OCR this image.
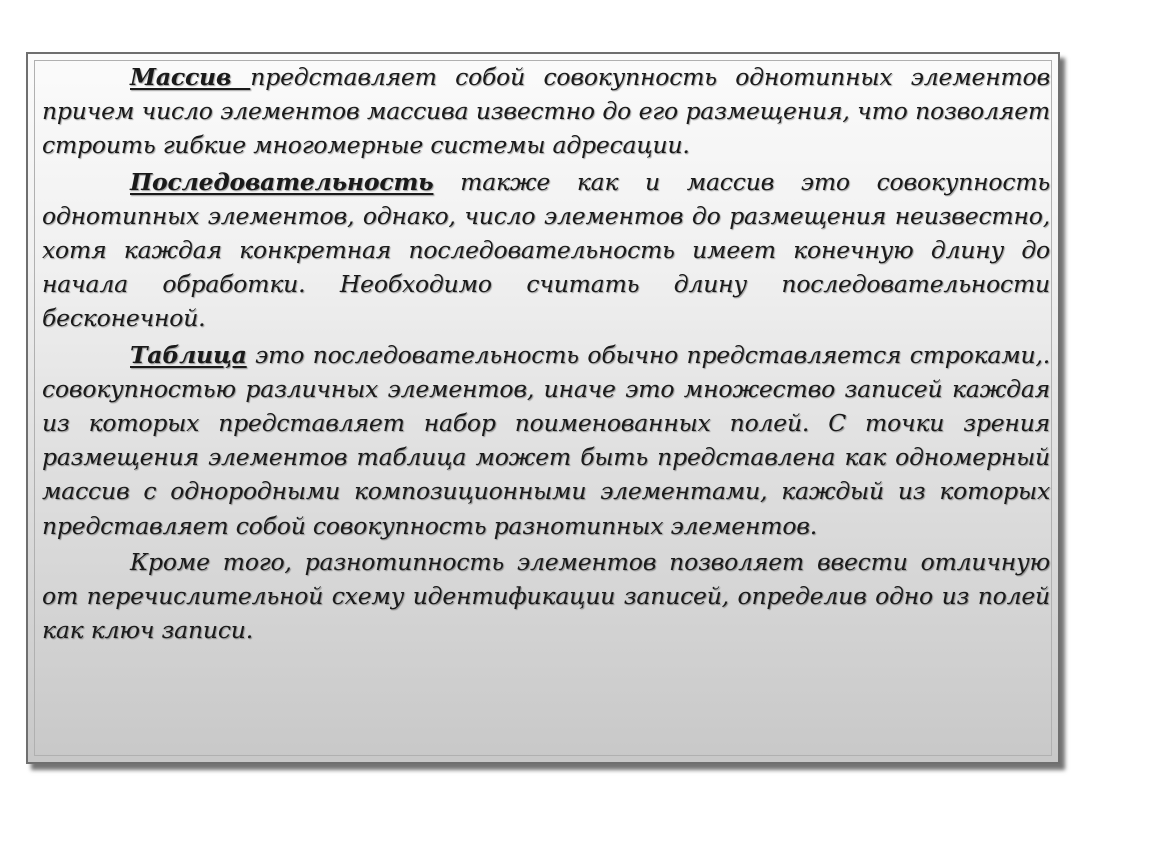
Массив представляет собой совокупность однотипных элементов причем число элементов массива известно до его размещения, что позволяет строить гибкие многомерные системы адресации.

Последовательность также как и массив это совокупность однотипных элементов, однако, число элементов до размещения неизвестно, хотя каждая конкретная последовательность имеет конечную длину до начала обработки. Необходимо считать длину последовательности бесконечной.

Таблица это последовательность обычно представляется строками,. совокупностью различных элементов, иначе это множество записей каждая из которых представляет набор поименованных полей. С точки зрения размещения элементов таблица может быть представлена как одномерный массив с однородными композиционными элементами, каждый из которых представляет собой совокупность разнотипных элементов.

Кроме того, разнотипность элементов позволяет ввести отличную от перечислительной схему идентификации записей, определив одно из полей как ключ записи.
